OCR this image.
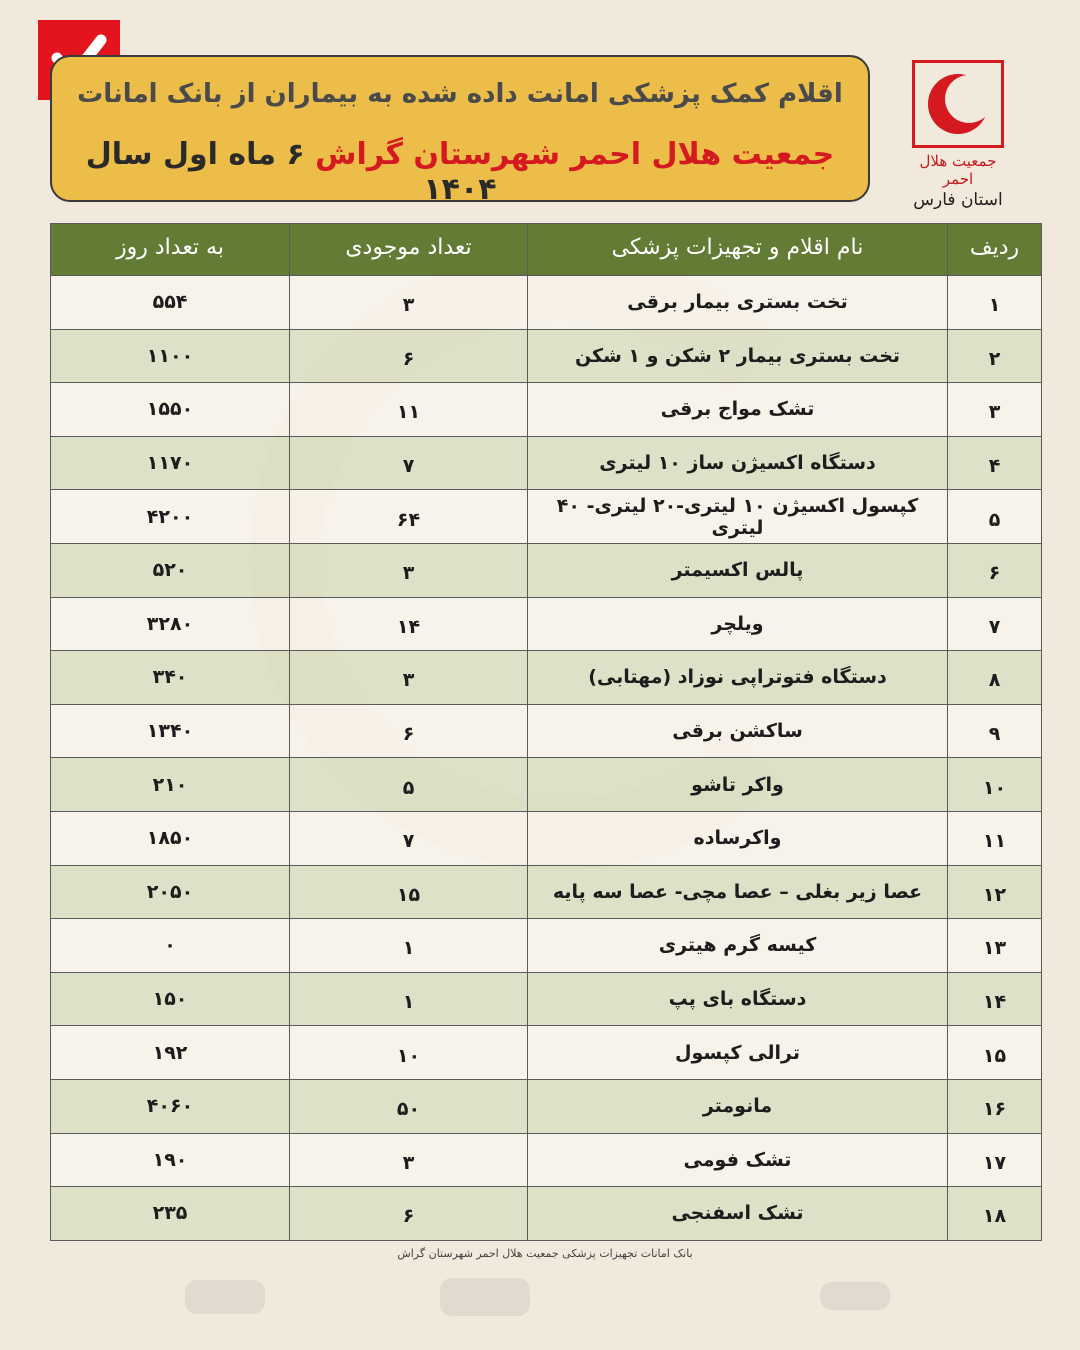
اقلام کمک پزشکی امانت داده شده به بیماران از بانک امانات
جمعیت هلال احمر شهرستان گراش ۶ ماه اول سال ۱۴۰۴
جمعیت هلال احمر
استان فارس
ردیف	نام اقلام و تجهیزات پزشکی	تعداد موجودی	به تعداد روز
۱	تخت بستری بیمار برقی	۳	۵۵۴
۲	تخت بستری بیمار ۲ شکن و ۱ شکن	۶	۱۱۰۰
۳	تشک مواج برقی	۱۱	۱۵۵۰
۴	دستگاه اکسیژن ساز ۱۰ لیتری	۷	۱۱۷۰
۵	کپسول اکسیژن ۱۰ لیتری-۲۰ لیتری- ۴۰ لیتری	۶۴	۴۲۰۰
۶	پالس اکسیمتر	۳	۵۲۰
۷	ویلچر	۱۴	۳۲۸۰
۸	دستگاه فتوتراپی نوزاد (مهتابی)	۳	۳۴۰
۹	ساکشن برقی	۶	۱۳۴۰
۱۰	واکر تاشو	۵	۲۱۰
۱۱	واکرساده	۷	۱۸۵۰
۱۲	عصا زیر بغلی – عصا مچی- عصا سه پایه	۱۵	۲۰۵۰
۱۳	کیسه گرم هیتری	۱	۰
۱۴	دستگاه بای پپ	۱	۱۵۰
۱۵	ترالی کپسول	۱۰	۱۹۲
۱۶	مانومتر	۵۰	۴۰۶۰
۱۷	تشک فومی	۳	۱۹۰
۱۸	تشک اسفنجی	۶	۲۳۵
بانک امانات تجهیزات پزشکی جمعیت هلال احمر شهرستان گراش
